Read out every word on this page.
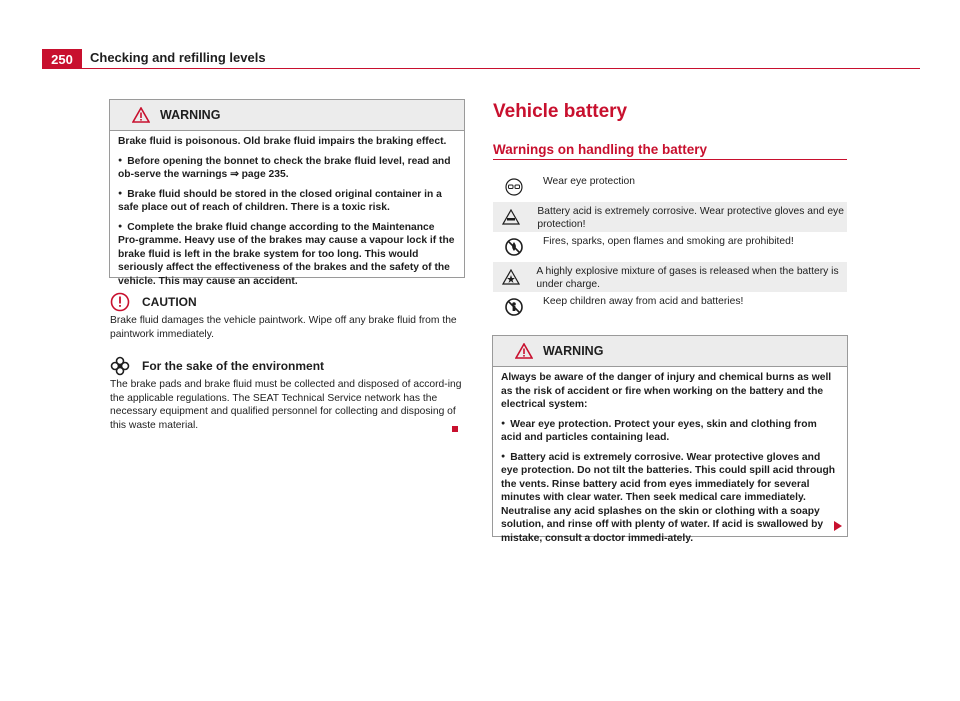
250	Checking and refilling levels
WARNING

Brake fluid is poisonous. Old brake fluid impairs the braking effect.

● Before opening the bonnet to check the brake fluid level, read and ob-serve the warnings ⇒ page 235.

● Brake fluid should be stored in the closed original container in a safe place out of reach of children. There is a toxic risk.

● Complete the brake fluid change according to the Maintenance Pro-gramme. Heavy use of the brakes may cause a vapour lock if the brake fluid is left in the brake system for too long. This would seriously affect the effectiveness of the brakes and the safety of the vehicle. This may cause an accident.

CAUTION

Brake fluid damages the vehicle paintwork. Wipe off any brake fluid from the paintwork immediately.

For the sake of the environment

The brake pads and brake fluid must be collected and disposed of accord-ing the applicable regulations. The SEAT Technical Service network has the necessary equipment and qualified personnel for collecting and disposing of this waste material.

Vehicle battery
Warnings on handling the battery
Wear eye protection
Battery acid is extremely corrosive. Wear protective gloves and eye protection!
Fires, sparks, open flames and smoking are prohibited!
A highly explosive mixture of gases is released when the battery is under charge.
Keep children away from acid and batteries!
WARNING

Always be aware of the danger of injury and chemical burns as well as the risk of accident or fire when working on the battery and the electrical system:

● Wear eye protection. Protect your eyes, skin and clothing from acid and particles containing lead.

● Battery acid is extremely corrosive. Wear protective gloves and eye protection. Do not tilt the batteries. This could spill acid through the vents. Rinse battery acid from eyes immediately for several minutes with clear water. Then seek medical care immediately. Neutralise any acid splashes on the skin or clothing with a soapy solution, and rinse off with plenty of water. If acid is swallowed by mistake, consult a doctor immedi-ately.
